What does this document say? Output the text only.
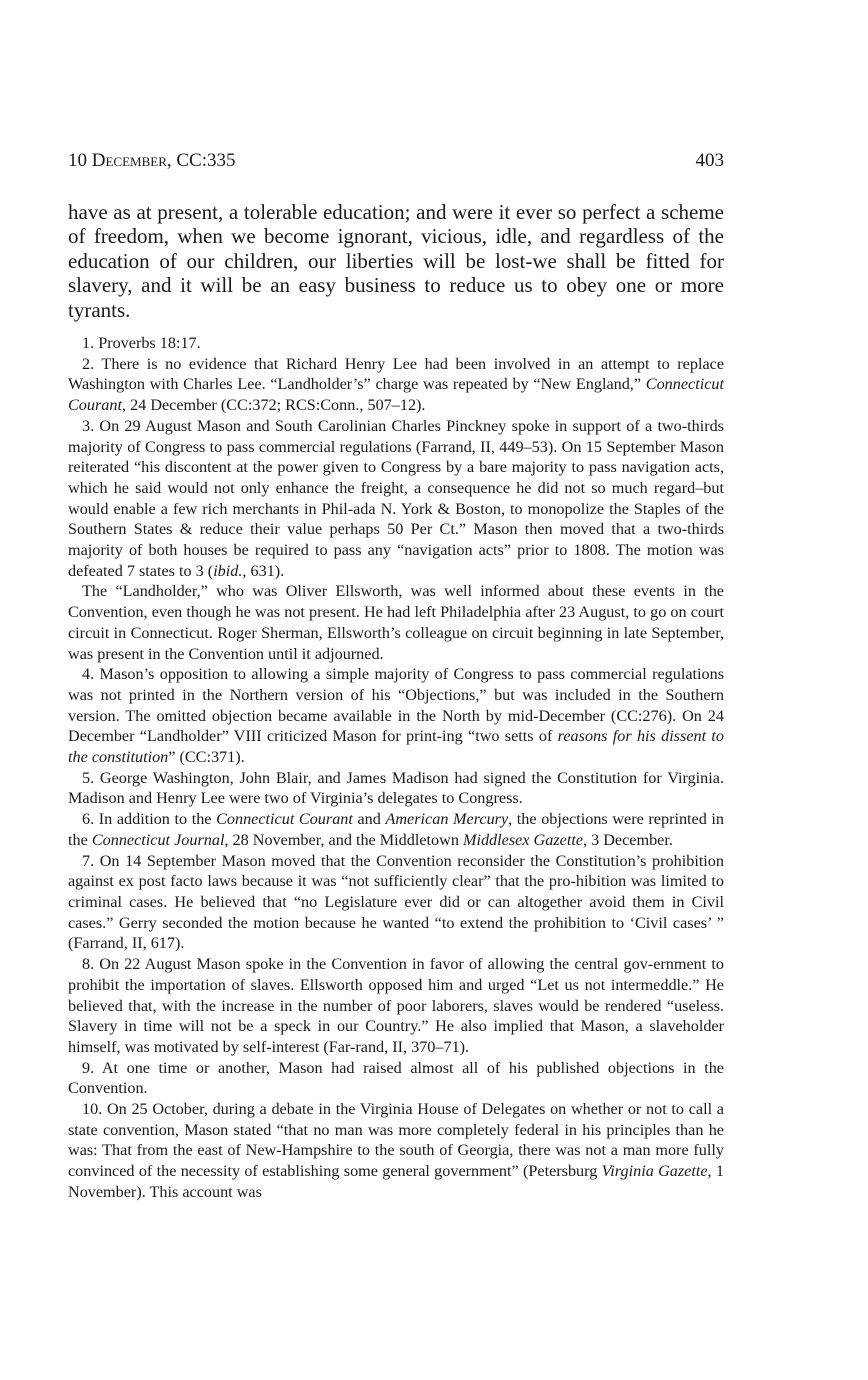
10 December, CC:335	403

have as at present, a tolerable education; and were it ever so perfect a scheme of freedom, when we become ignorant, vicious, idle, and regardless of the education of our children, our liberties will be lost-we shall be fitted for slavery, and it will be an easy business to reduce us to obey one or more tyrants.

1. Proverbs 18:17.

2. There is no evidence that Richard Henry Lee had been involved in an attempt to replace Washington with Charles Lee. “Landholder’s” charge was repeated by “New England,” Connecticut Courant, 24 December (CC:372; RCS:Conn., 507–12).

3. On 29 August Mason and South Carolinian Charles Pinckney spoke in support of a two-thirds majority of Congress to pass commercial regulations (Farrand, II, 449–53). On 15 September Mason reiterated “his discontent at the power given to Congress by a bare majority to pass navigation acts, which he said would not only enhance the freight, a consequence he did not so much regard–but would enable a few rich merchants in Phil-ada N. York & Boston, to monopolize the Staples of the Southern States & reduce their value perhaps 50 Per Ct.” Mason then moved that a two-thirds majority of both houses be required to pass any “navigation acts” prior to 1808. The motion was defeated 7 states to 3 (ibid., 631).

The “Landholder,” who was Oliver Ellsworth, was well informed about these events in the Convention, even though he was not present. He had left Philadelphia after 23 August, to go on court circuit in Connecticut. Roger Sherman, Ellsworth’s colleague on circuit beginning in late September, was present in the Convention until it adjourned.

4. Mason’s opposition to allowing a simple majority of Congress to pass commercial regulations was not printed in the Northern version of his “Objections,” but was included in the Southern version. The omitted objection became available in the North by mid-December (CC:276). On 24 December “Landholder” VIII criticized Mason for print-ing “two setts of reasons for his dissent to the constitution” (CC:371).

5. George Washington, John Blair, and James Madison had signed the Constitution for Virginia. Madison and Henry Lee were two of Virginia’s delegates to Congress.

6. In addition to the Connecticut Courant and American Mercury, the objections were reprinted in the Connecticut Journal, 28 November, and the Middletown Middlesex Gazette, 3 December.

7. On 14 September Mason moved that the Convention reconsider the Constitution’s prohibition against ex post facto laws because it was “not sufficiently clear” that the pro-hibition was limited to criminal cases. He believed that “no Legislature ever did or can altogether avoid them in Civil cases.” Gerry seconded the motion because he wanted “to extend the prohibition to ‘Civil cases’ ” (Farrand, II, 617).

8. On 22 August Mason spoke in the Convention in favor of allowing the central gov-ernment to prohibit the importation of slaves. Ellsworth opposed him and urged “Let us not intermeddle.” He believed that, with the increase in the number of poor laborers, slaves would be rendered “useless. Slavery in time will not be a speck in our Country.” He also implied that Mason, a slaveholder himself, was motivated by self-interest (Far-rand, II, 370–71).

9. At one time or another, Mason had raised almost all of his published objections in the Convention.

10. On 25 October, during a debate in the Virginia House of Delegates on whether or not to call a state convention, Mason stated “that no man was more completely federal in his principles than he was: That from the east of New-Hampshire to the south of Georgia, there was not a man more fully convinced of the necessity of establishing some general government” (Petersburg Virginia Gazette, 1 November). This account was
